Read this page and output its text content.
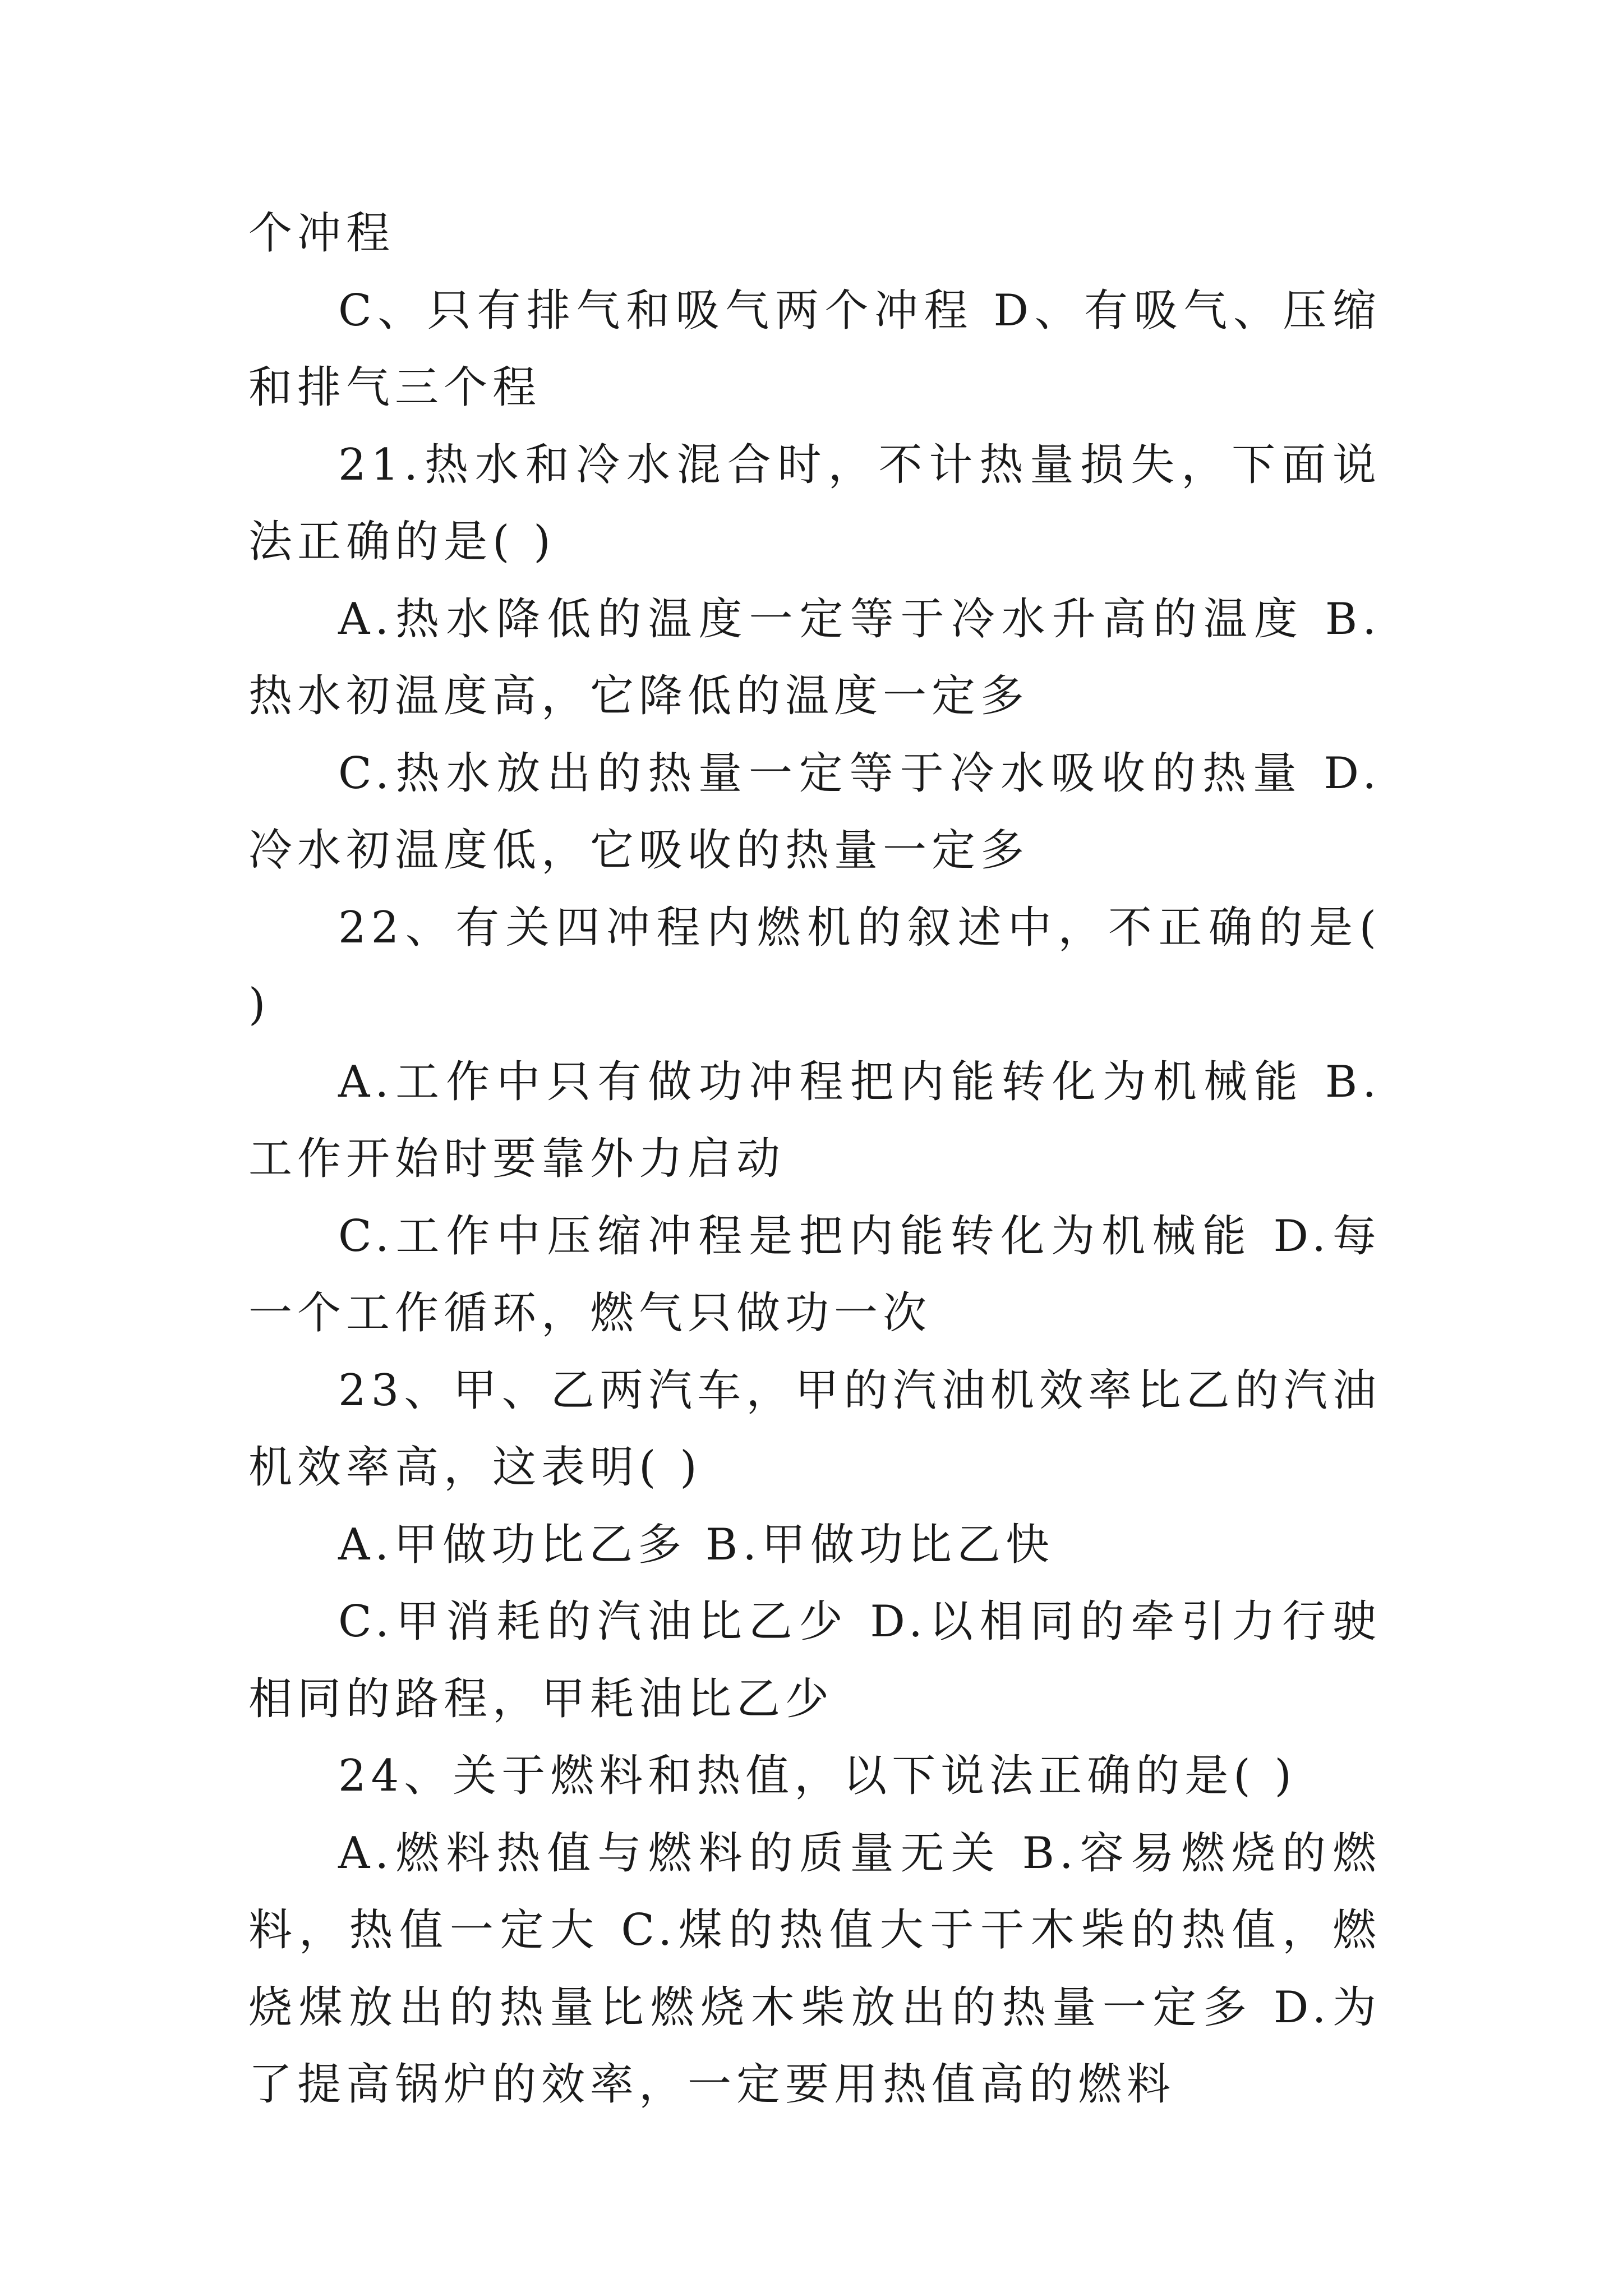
个冲程

C、只有排气和吸气两个冲程 D、有吸气、压缩和排气三个程

21.热水和冷水混合时，不计热量损失，下面说法正确的是( )

A.热水降低的温度一定等于冷水升高的温度 B.热水初温度高，它降低的温度一定多

C.热水放出的热量一定等于冷水吸收的热量 D.冷水初温度低，它吸收的热量一定多

22、有关四冲程内燃机的叙述中，不正确的是( )

A.工作中只有做功冲程把内能转化为机械能 B.工作开始时要靠外力启动

C.工作中压缩冲程是把内能转化为机械能 D.每一个工作循环，燃气只做功一次

23、甲、乙两汽车，甲的汽油机效率比乙的汽油机效率高，这表明( )

A.甲做功比乙多 B.甲做功比乙快

C.甲消耗的汽油比乙少 D.以相同的牵引力行驶相同的路程，甲耗油比乙少

24、关于燃料和热值，以下说法正确的是( )

A.燃料热值与燃料的质量无关 B.容易燃烧的燃料，热值一定大 C.煤的热值大于干木柴的热值，燃烧煤放出的热量比燃烧木柴放出的热量一定多 D.为了提高锅炉的效率，一定要用热值高的燃料
